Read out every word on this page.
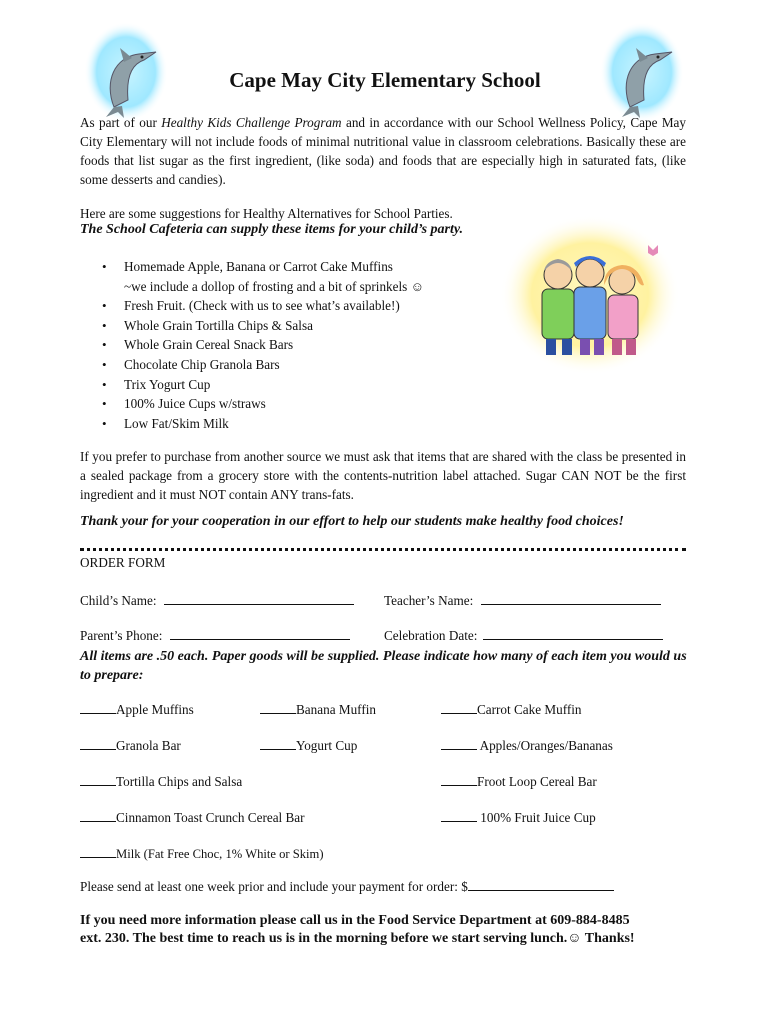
Cape May City Elementary School
As part of our Healthy Kids Challenge Program and in accordance with our School Wellness Policy, Cape May City Elementary will not include foods of minimal nutritional value in classroom celebrations. Basically these are foods that list sugar as the first ingredient, (like soda) and foods that are especially high in saturated fats, (like some desserts and candies).
Here are some suggestions for Healthy Alternatives for School Parties.
The School Cafeteria can supply these items for your child’s party.
• Homemade Apple, Banana or Carrot Cake Muffins
~we include a dollop of frosting and a bit of sprinkels ☺
• Fresh Fruit. (Check with us to see what’s available!)
• Whole Grain Tortilla Chips & Salsa
• Whole Grain Cereal Snack Bars
• Chocolate Chip Granola Bars
• Trix Yogurt Cup
• 100% Juice Cups w/straws
• Low Fat/Skim Milk
If you prefer to purchase from another source we must ask that items that are shared with the class be presented in a sealed package from a grocery store with the contents-nutrition label attached. Sugar CAN NOT be the first ingredient and it must NOT contain ANY trans-fats.
Thank your for your cooperation in our effort to help our students make healthy food choices!
ORDER FORM
Child’s Name:	Teacher’s Name:
Parent’s Phone:	Celebration Date:
All items are .50 each. Paper goods will be supplied. Please indicate how many of each item you would us to prepare:
Apple Muffins	Banana Muffin	Carrot Cake Muffin
Granola Bar	Yogurt Cup	Apples/Oranges/Bananas
Tortilla Chips and Salsa	Froot Loop Cereal Bar
Cinnamon Toast Crunch Cereal Bar	100% Fruit Juice Cup
Milk (Fat Free Choc, 1% White or Skim)
Please send at least one week prior and include your payment for order: $
If you need more information please call us in the Food Service Department at 609-884-8485
ext. 230. The best time to reach us is in the morning before we start serving lunch.☺ Thanks!
